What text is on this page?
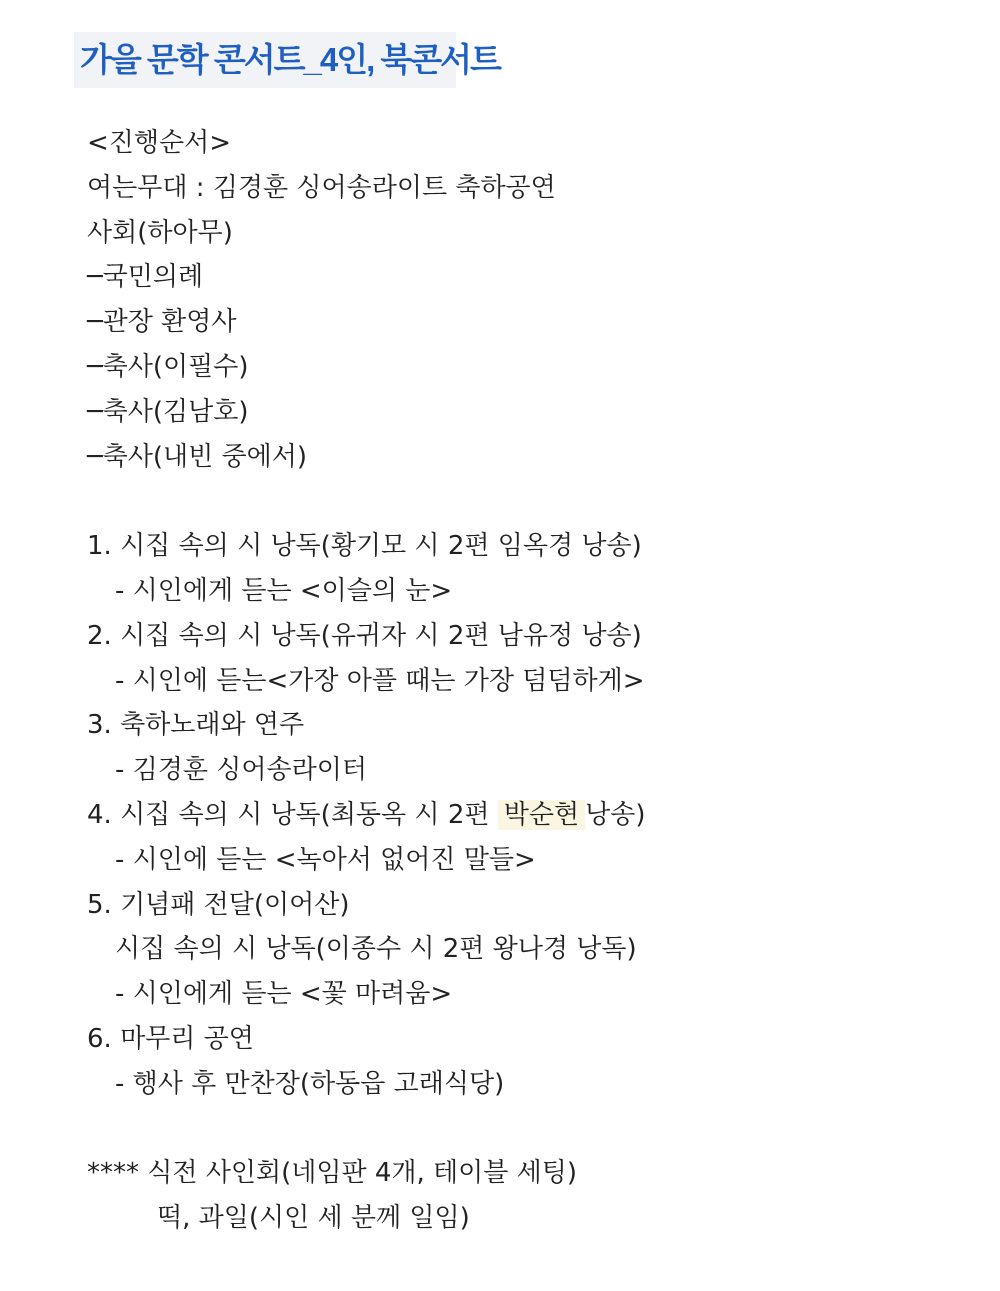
가을 문학 콘서트_4인, 북콘서트
<진행순서>
여는무대 : 김경훈 싱어송라이트 축하공연
사회(하아무)
─국민의례
─관장 환영사
─축사(이필수)
─축사(김남호)
─축사(내빈 중에서)
1. 시집 속의 시 낭독(황기모 시 2편 임옥경 낭송)
- 시인에게 듣는 <이슬의 눈>
2. 시집 속의 시 낭독(유귀자 시 2편 남유정 낭송)
- 시인에 듣는<가장 아플 때는 가장 덤덤하게>
3. 축하노래와 연주
- 김경훈 싱어송라이터
4. 시집 속의 시 낭독(최동옥 시 2편 박순현 낭송)
- 시인에 듣는 <녹아서 없어진 말들>
5. 기념패 전달(이어산)
시집 속의 시 낭독(이종수 시 2편 왕나경 낭독)
- 시인에게 듣는 <꽃 마려움>
6. 마무리 공연
- 행사 후 만찬장(하동읍 고래식당)
**** 식전 사인회(네임판 4개, 테이블 세팅)
떡, 과일(시인 세 분께 일임)
